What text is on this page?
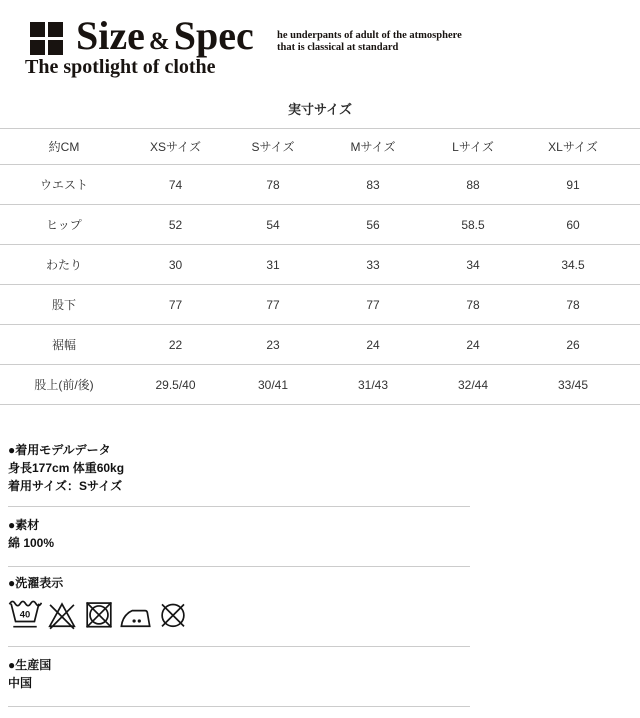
Size & Spec
The spotlight of clothe
he underpants of adult of the atmosphere
that is classical at standard
実寸サイズ
約CM	XSサイズ	Sサイズ	Mサイズ	Lサイズ	XLサイズ
ウエスト	74	78	83	88	91
ヒップ	52	54	56	58.5	60
わたり	30	31	33	34	34.5
股下	77	77	77	78	78
裾幅	22	23	24	24	26
股上(前/後)	29.5/40	30/41	31/43	32/44	33/45
●着用モデルデータ
身長177cm 体重60kg
着用サイズ：Sサイズ
●素材
綿 100%
●洗濯表示
40
●生産国
中国
